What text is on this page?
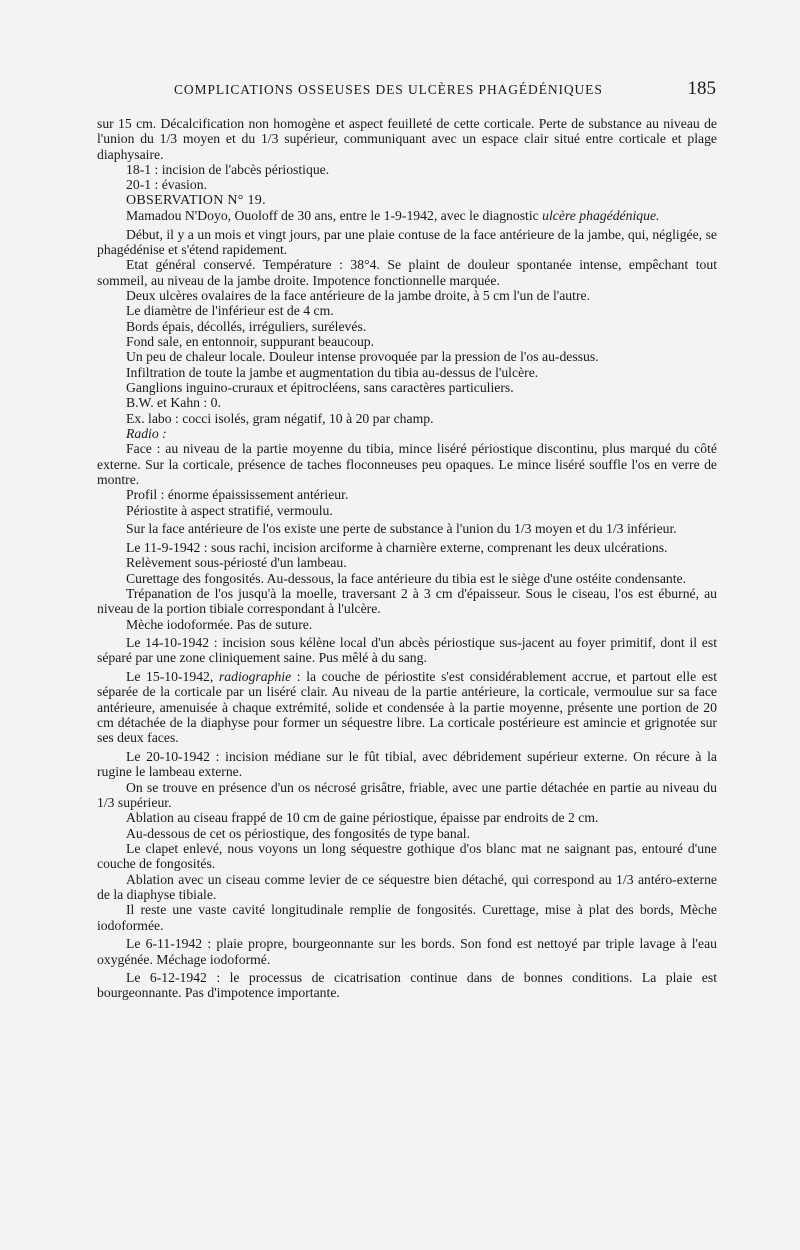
COMPLICATIONS OSSEUSES DES ULCÈRES PHAGÉDÉNIQUES	185

sur 15 cm. Décalcification non homogène et aspect feuilleté de cette corticale. Perte de substance au niveau de l'union du 1/3 moyen et du 1/3 supérieur, communiquant avec un espace clair situé entre corticale et plage diaphysaire.

18-1 : incision de l'abcès périostique.

20-1 : évasion.

OBSERVATION N° 19.

Mamadou N'Doyo, Ouoloff de 30 ans, entre le 1-9-1942, avec le diagnostic ulcère phagédénique.

Début, il y a un mois et vingt jours, par une plaie contuse de la face antérieure de la jambe, qui, négligée, se phagédénise et s'étend rapidement.

Etat général conservé. Température : 38°4. Se plaint de douleur spontanée intense, empêchant tout sommeil, au niveau de la jambe droite. Impotence fonctionnelle marquée.

Deux ulcères ovalaires de la face antérieure de la jambe droite, à 5 cm l'un de l'autre.

Le diamètre de l'inférieur est de 4 cm.

Bords épais, décollés, irréguliers, surélevés.

Fond sale, en entonnoir, suppurant beaucoup.

Un peu de chaleur locale. Douleur intense provoquée par la pression de l'os au-dessus.

Infiltration de toute la jambe et augmentation du tibia au-dessus de l'ulcère.

Ganglions inguino-cruraux et épitrocléens, sans caractères particuliers.

B.W. et Kahn : 0.

Ex. labo : cocci isolés, gram négatif, 10 à 20 par champ.

Radio :

Face : au niveau de la partie moyenne du tibia, mince liséré périostique discontinu, plus marqué du côté externe. Sur la corticale, présence de taches floconneuses peu opaques. Le mince liséré souffle l'os en verre de montre.

Profil : énorme épaississement antérieur.

Périostite à aspect stratifié, vermoulu.

Sur la face antérieure de l'os existe une perte de substance à l'union du 1/3 moyen et du 1/3 inférieur.

Le 11-9-1942 : sous rachi, incision arciforme à charnière externe, comprenant les deux ulcérations.

Relèvement sous-périosté d'un lambeau.

Curettage des fongosités. Au-dessous, la face antérieure du tibia est le siège d'une ostéite condensante.

Trépanation de l'os jusqu'à la moelle, traversant 2 à 3 cm d'épaisseur. Sous le ciseau, l'os est éburné, au niveau de la portion tibiale correspondant à l'ulcère.

Mèche iodoformée. Pas de suture.

Le 14-10-1942 : incision sous kélène local d'un abcès périostique sus-jacent au foyer primitif, dont il est séparé par une zone cliniquement saine. Pus mêlé à du sang.

Le 15-10-1942, radiographie : la couche de périostite s'est considérablement accrue, et partout elle est séparée de la corticale par un liséré clair. Au niveau de la partie antérieure, la corticale, vermoulue sur sa face antérieure, amenuisée à chaque extrémité, solide et condensée à la partie moyenne, présente une portion de 20 cm détachée de la diaphyse pour former un séquestre libre. La corticale postérieure est amincie et grignotée sur ses deux faces.

Le 20-10-1942 : incision médiane sur le fût tibial, avec débridement supérieur externe. On récure à la rugine le lambeau externe.

On se trouve en présence d'un os nécrosé grisâtre, friable, avec une partie détachée en partie au niveau du 1/3 supérieur.

Ablation au ciseau frappé de 10 cm de gaine périostique, épaisse par endroits de 2 cm.

Au-dessous de cet os périostique, des fongosités de type banal.

Le clapet enlevé, nous voyons un long séquestre gothique d'os blanc mat ne saignant pas, entouré d'une couche de fongosités.

Ablation avec un ciseau comme levier de ce séquestre bien détaché, qui correspond au 1/3 antéro-externe de la diaphyse tibiale.

Il reste une vaste cavité longitudinale remplie de fongosités. Curettage, mise à plat des bords, Mèche iodoformée.

Le 6-11-1942 : plaie propre, bourgeonnante sur les bords. Son fond est nettoyé par triple lavage à l'eau oxygénée. Méchage iodoformé.

Le 6-12-1942 : le processus de cicatrisation continue dans de bonnes conditions. La plaie est bourgeonnante. Pas d'impotence importante.
